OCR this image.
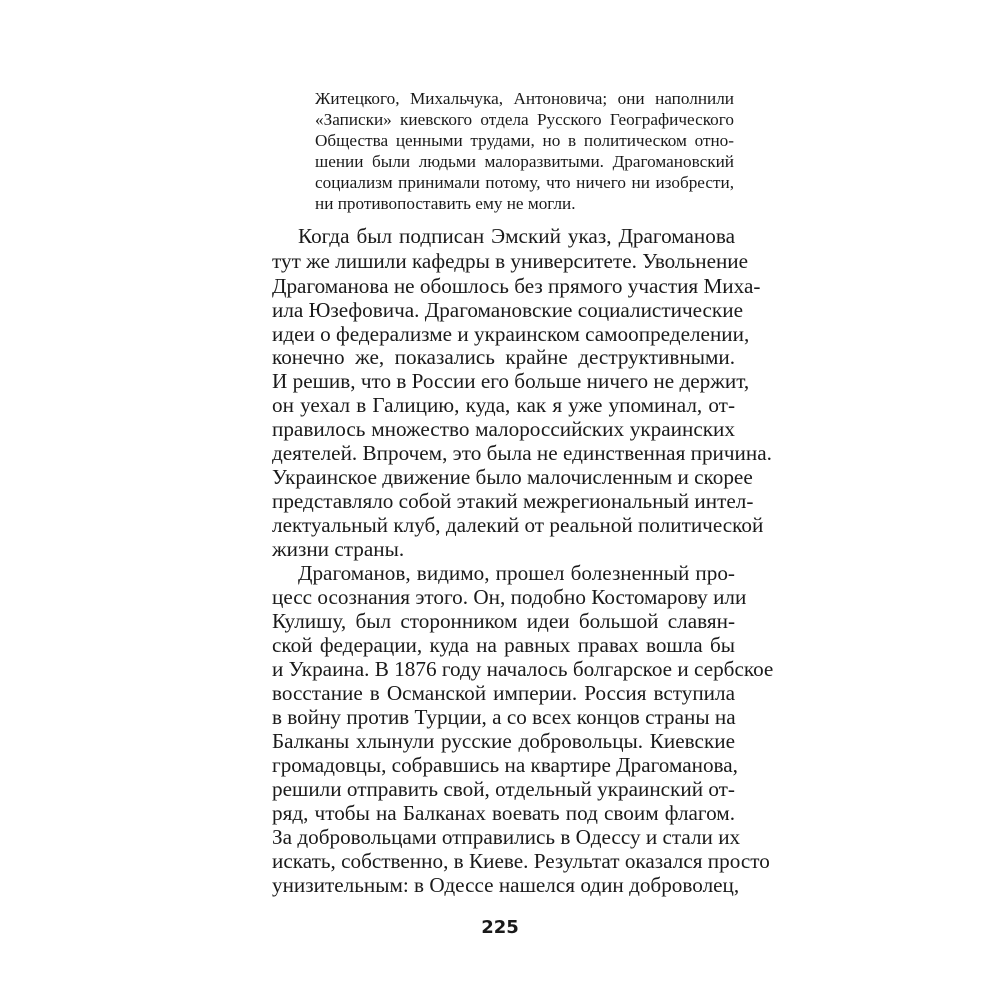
Житецкого, Михальчука, Антоновича; они наполнили
«Записки» киевского отдела Русского Географического
Общества ценными трудами, но в политическом отно-
шении были людьми малоразвитыми. Драгомановский
социализм принимали потому, что ничего ни изобрести,
ни противопоставить ему не могли.
Когда был подписан Эмский указ, Драгоманова
тут же лишили кафедры в университете. Увольнение
Драгоманова не обошлось без прямого участия Миха-
ила Юзефовича. Драгомановские социалистические
идеи о федерализме и украинском самоопределении,
конечно же, показались крайне деструктивными.
И решив, что в России его больше ничего не держит,
он уехал в Галицию, куда, как я уже упоминал, от-
правилось множество малороссийских украинских
деятелей. Впрочем, это была не единственная причина.
Украинское движение было малочисленным и скорее
представляло собой этакий межрегиональный интел-
лектуальный клуб, далекий от реальной политической
жизни страны.
Драгоманов, видимо, прошел болезненный про-
цесс осознания этого. Он, подобно Костомарову или
Кулишу, был сторонником идеи большой славян-
ской федерации, куда на равных правах вошла бы
и Украина. В 1876 году началось болгарское и сербское
восстание в Османской империи. Россия вступила
в войну против Турции, а со всех концов страны на
Балканы хлынули русские добровольцы. Киевские
громадовцы, собравшись на квартире Драгоманова,
решили отправить свой, отдельный украинский от-
ряд, чтобы на Балканах воевать под своим флагом.
За добровольцами отправились в Одессу и стали их
искать, собственно, в Киеве. Результат оказался просто
унизительным: в Одессе нашелся один доброволец,
225
